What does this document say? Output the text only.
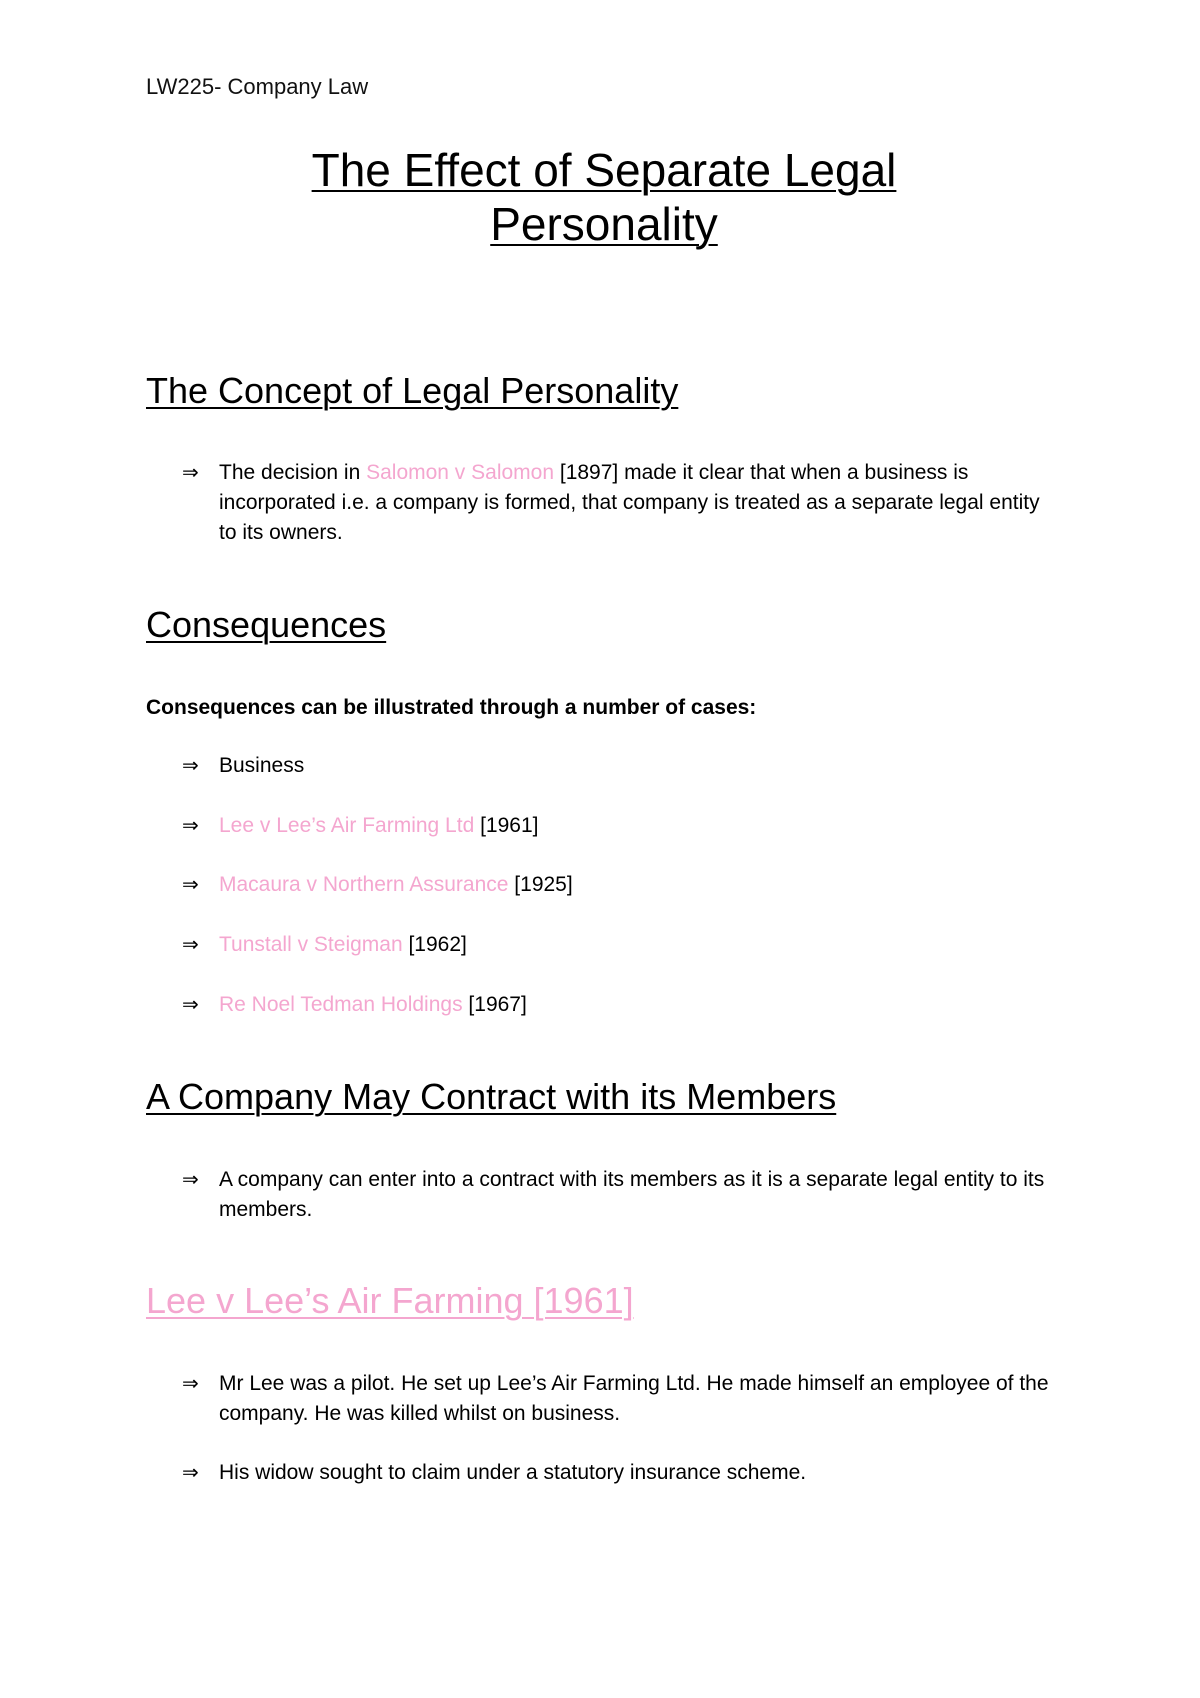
LW225- Company Law
The Effect of Separate Legal
Personality
The Concept of Legal Personality
⇒ The decision in Salomon v Salomon [1897] made it clear that when a business is incorporated i.e. a company is formed, that company is treated as a separate legal entity to its owners.
Consequences
Consequences can be illustrated through a number of cases:
⇒ Business
⇒ Lee v Lee’s Air Farming Ltd [1961]
⇒ Macaura v Northern Assurance [1925]
⇒ Tunstall v Steigman [1962]
⇒ Re Noel Tedman Holdings [1967]
A Company May Contract with its Members
⇒ A company can enter into a contract with its members as it is a separate legal entity to its members.
Lee v Lee’s Air Farming [1961]
⇒ Mr Lee was a pilot. He set up Lee’s Air Farming Ltd. He made himself an employee of the company. He was killed whilst on business.
⇒ His widow sought to claim under a statutory insurance scheme.
